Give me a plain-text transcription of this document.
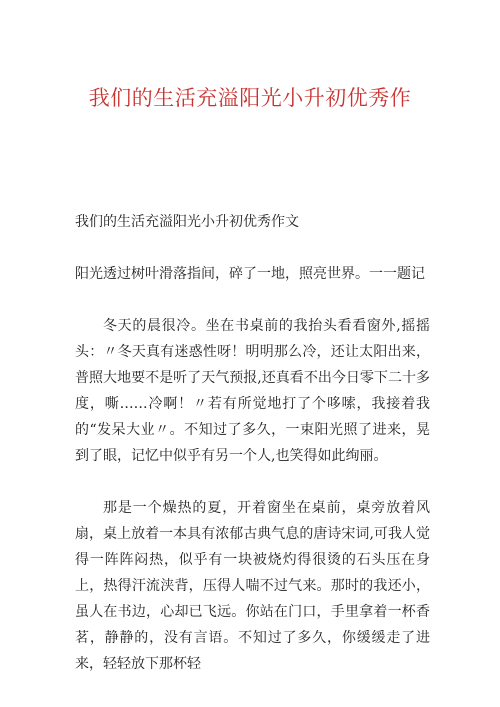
我们的生活充溢阳光小升初优秀作

我们的生活充溢阳光小升初优秀作文

阳光透过树叶滑落指间，碎了一地，照亮世界。一一题记

冬天的晨很冷。坐在书桌前的我抬头看看窗外,摇摇头：〃冬天真有迷惑性呀！明明那么冷，还让太阳出来，普照大地要不是听了天气预报,还真看不出今日零下二十多度，嘶……冷啊！〃若有所觉地打了个哆嗦，我接着我的“发呆大业〃。不知过了多久，一束阳光照了进来，晃到了眼，记忆中似乎有另一个人,也笑得如此绚丽。

那是一个燥热的夏，开着窗坐在桌前，桌旁放着风扇，桌上放着一本具有浓郁古典气息的唐诗宋词,可我人觉得一阵阵闷热，似乎有一块被烧灼得很烫的石头压在身上，热得汗流浃背，压得人喘不过气来。那时的我还小，虽人在书边，心却已飞远。你站在门口，手里拿着一杯香茗，静静的，没有言语。不知过了多久，你缓缓走了进来，轻轻放下那杯轻
